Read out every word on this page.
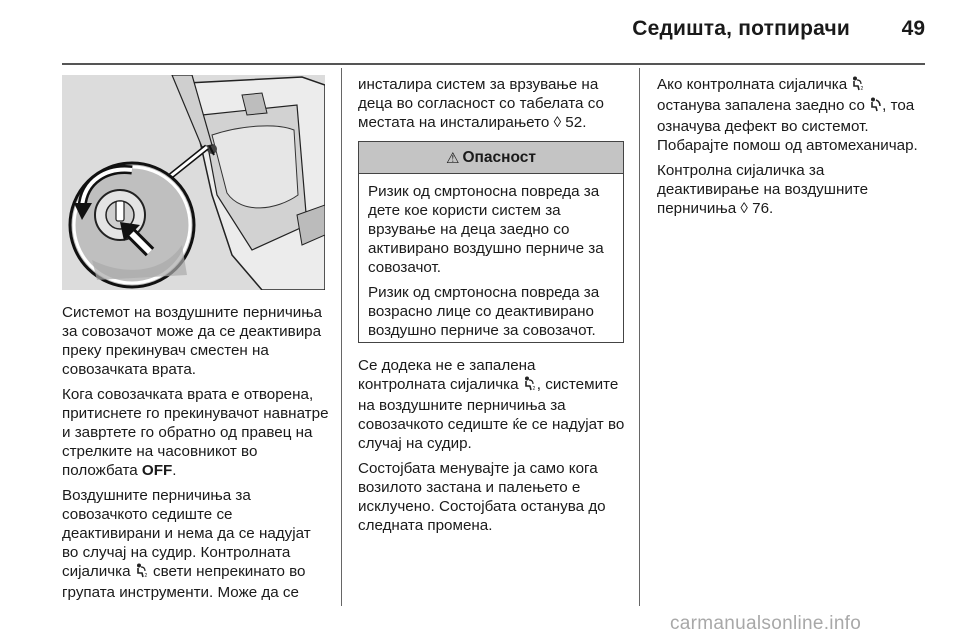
Седишта, потпирачи	49

Системот на воздушните перничиња за совозачот може да се деактивира преку прекинувач сместен на совозачката врата.

Кога совозачката врата е отворена, притиснете го прекинувачот навнатре и завртете го обратно од правец на стрелките на часовникот во положбата OFF.

Воздушните перничиња за совозачкото седиште се деактивирани и нема да се надујат во случај на судир. Контролната сијаличка 2 свети непрекинато во групата инструменти. Може да се

инсталира систем за врзување на деца во согласност со табелата со местата на инсталирањето ◊ 52.

⚠ Опасност

Ризик од смртоносна повреда за дете кое користи систем за врзување на деца заедно со активирано воздушно перниче за совозачот.

Ризик од смртоносна повреда за возрасно лице со деактивирано воздушно перниче за совозачот.

Се додека не е запалена контролната сијаличка 2 , системите на воздушните перничиња за совозачкото седиште ќе се надујат во случај на судир.

Состојбата менувајте ја само кога возилото застана и палењето е исклучено. Состојбата останува до следната промена.

Ако контролната сијаличка 2
останува запалена заедно со , тоа означува дефект во системот. Побарајте помош од автомеханичар.

Контролна сијаличка за деактивирање на воздушните перничиња ◊ 76.

carmanualsonline.info
